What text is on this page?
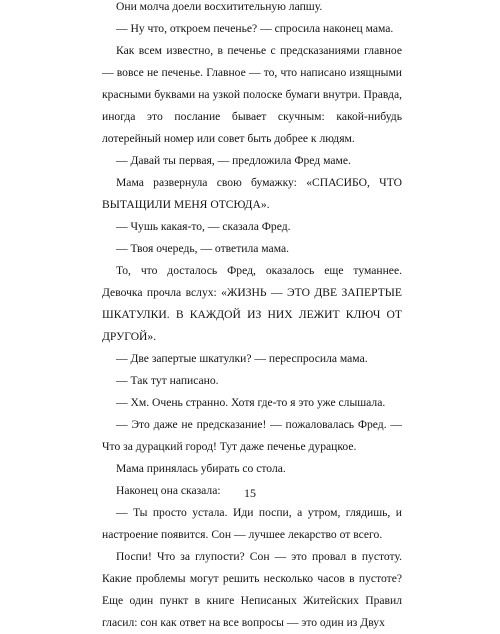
Они молча доели восхитительную лапшу.

— Ну что, откроем печенье? — спросила наконец мама.

Как всем известно, в печенье с предсказаниями главное — вовсе не печенье. Главное — то, что написано изящными красными буквами на узкой полоске бумаги внутри. Правда, иногда это послание бывает скучным: какой-нибудь лотерейный номер или совет быть добрее к людям.

— Давай ты первая, — предложила Фред маме.

Мама развернула свою бумажку: «СПАСИБО, ЧТО ВЫТАЩИЛИ МЕНЯ ОТСЮДА».

— Чушь какая-то, — сказала Фред.

— Твоя очередь, — ответила мама.

То, что досталось Фред, оказалось еще туманнее. Девочка прочла вслух: «ЖИЗНЬ — ЭТО ДВЕ ЗАПЕРТЫЕ ШКАТУЛКИ. В КАЖДОЙ ИЗ НИХ ЛЕЖИТ КЛЮЧ ОТ ДРУГОЙ».

— Две запертые шкатулки? — переспросила мама.

— Так тут написано.

— Хм. Очень странно. Хотя где-то я это уже слышала.

— Это даже не предсказание! — пожаловалась Фред. — Что за дурацкий город! Тут даже печенье дурацкое.

Мама принялась убирать со стола.

Наконец она сказала:

— Ты просто устала. Иди поспи, а утром, глядишь, и настроение появится. Сон — лучшее лекарство от всего.

Поспи! Что за глупости? Сон — это провал в пустоту. Какие проблемы могут решить несколько часов в пустоте? Еще один пункт в книге Неписаных Житейских Правил гласил: сон как ответ на все вопросы — это один из Двух

15
